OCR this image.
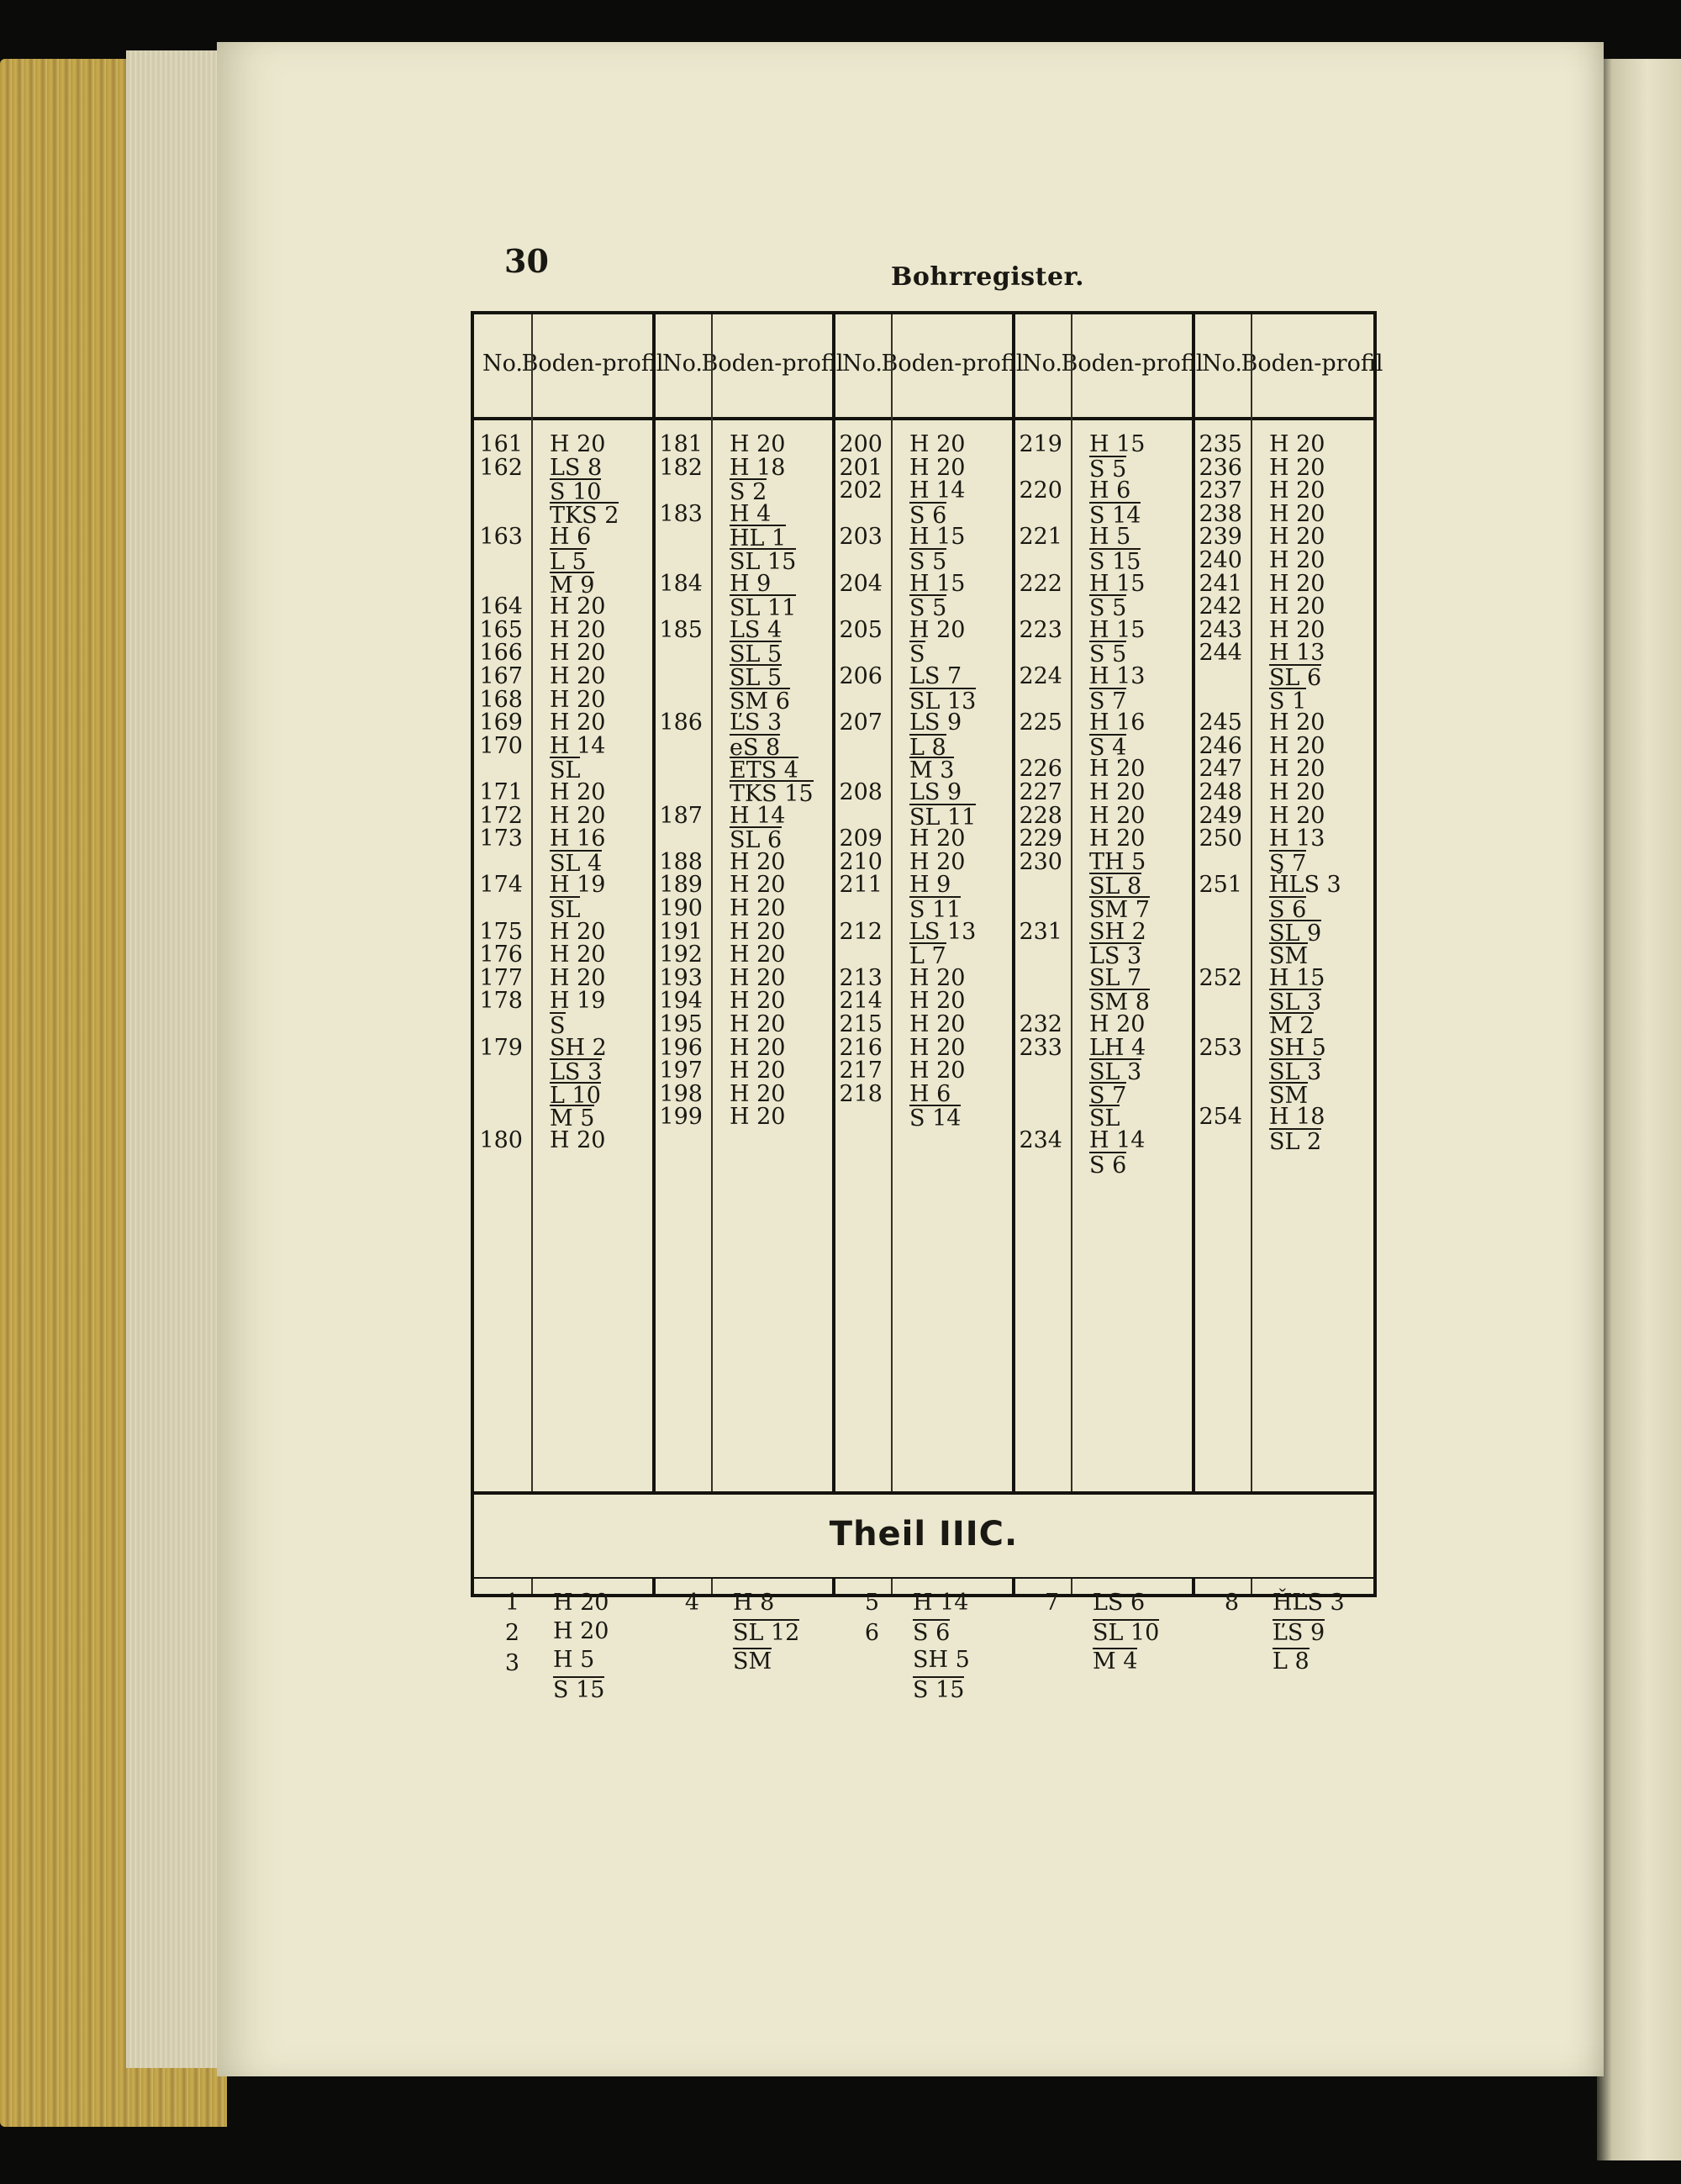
30	Bohrregister.
No.
Boden- profil
No.
Boden- profil
No.
Boden- profil
No.
Boden- profil
No.
Boden- profil
161 H 20
162 LS 8
S 10
TKS 2
163 H 6
L 5
M 9
164 H 20
165 H 20
166 H 20
167 H 20
168 H 20
169 H 20
170 H 14
SL
171 H 20
172 H 20
173 H 16
SL 4
174 H 19
SL
175 H 20
176 H 20
177 H 20
178 H 19
S
179 SH 2
LS 3
L 10
M 5
180 H 20
181 H 20
182 H 18
S 2
183 H 4
HL 1
SL 15
184 H 9
SL 11
185 LS 4
SL 5
SL 5
SM 6
186 ĽS 3
eS 8
ETS 4
TKS 15
187 H 14
SL 6
188 H 20
189 H 20
190 H 20
191 H 20
192 H 20
193 H 20
194 H 20
195 H 20
196 H 20
197 H 20
198 H 20
199 H 20
200 H 20
201 H 20
202 H 14
S 6
203 H 15
S 5
204 H 15
S 5
205 H 20
S
206 LS 7
SL 13
207 LS 9
L 8
M 3
208 LS 9
SL 11
209 H 20
210 H 20
211 H 9
S 11
212 LS 13
L 7
213 H 20
214 H 20
215 H 20
216 H 20
217 H 20
218 H 6
S 14
219 H 15
S 5
220 H 6
S 14
221 H 5
S 15
222 H 15
S 5
223 H 15
S 5
224 H 13
S 7
225 H 16
S 4
226 H 20
227 H 20
228 H 20
229 H 20
230 TH 5
SL 8
SM 7
231 SH 2
LS 3
SL 7
SM 8
232 H 20
233 LH 4
SL 3
S 7
SL
234 H 14
S 6
235 H 20
236 H 20
237 H 20
238 H 20
239 H 20
240 H 20
241 H 20
242 H 20
243 H 20
244 H 13
SL 6
S 1
245 H 20
246 H 20
247 H 20
248 H 20
249 H 20
250 H 13
S 7
251 ȞLS 3
S 6
SL 9
SM
252 H 15
SL 3
M 2
253 SH 5
SL 3
SM
254 H 18
SL 2
Theil IIIC.
1
2
3
H 20
H 20
H 5
S 15
4 H 8
SL 12
SM
5
6
H 14
S 6
SH 5
S 15
7 LS 6
SL 10
M 4
8 ȞĽS 3
ĽS 9
L 8
